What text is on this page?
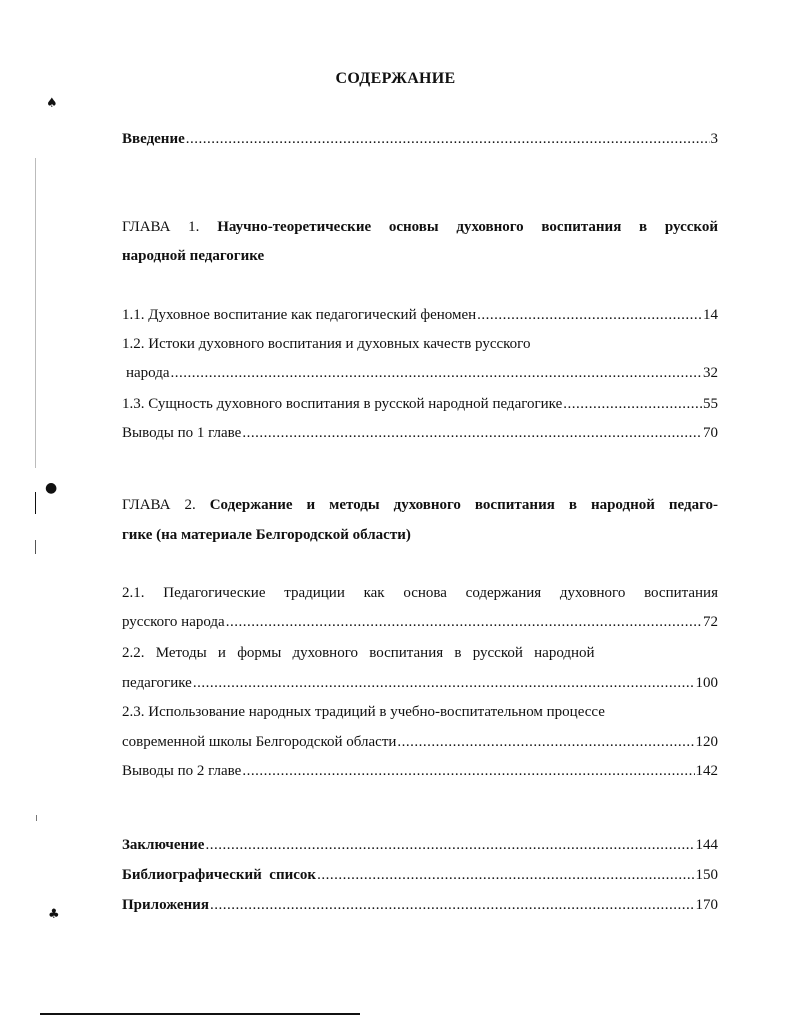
♠
●
♣
СОДЕРЖАНИЕ
Введение .....	3
ГЛАВА 1. Научно-теоретические основы духовного воспитания в русской
народной педагогике
1.1. Духовное воспитание как педагогический феномен .....	14
1.2. Истоки духовного воспитания и духовных качеств русского
народа .....	32
1.3. Сущность духовного воспитания в русской народной педагогике .....	55
Выводы по 1 главе .....	70
ГЛАВА 2. Содержание и методы духовного воспитания в народной педаго-
гике (на материале Белгородской области)
2.1. Педагогические традиции как основа содержания духовного воспитания
русского народа .....	72
2.2.   Методы   и   формы   духовного   воспитания   в   русской   народной
педагогике .....	100
2.3. Использование народных традиций в учебно-воспитательном процессе
современной школы Белгородской области .....	120
Выводы по 2 главе .....	142
Заключение .....	144
Библиографический  список .....	150
Приложения .....	170
